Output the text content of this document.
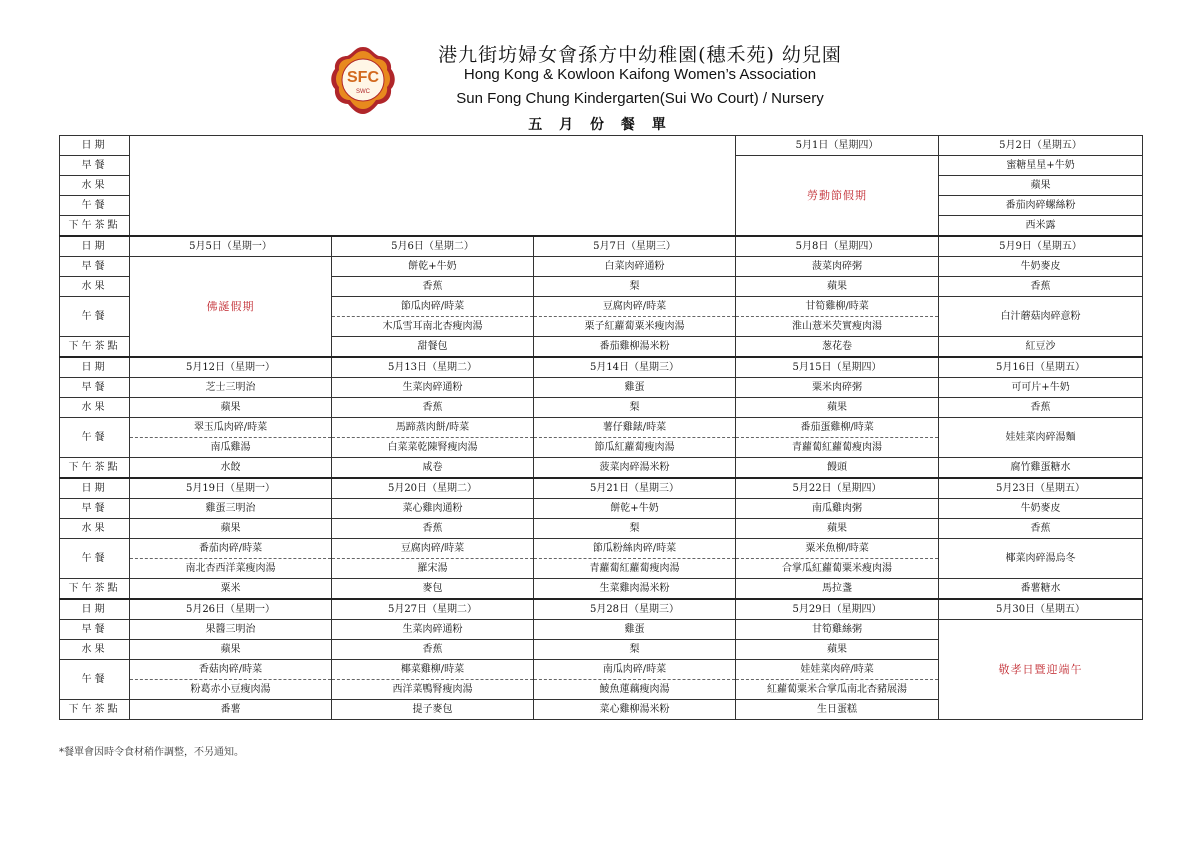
SFC
SWC
港九街坊婦女會孫方中幼稚園(穗禾苑) 幼兒園
Hong Kong & Kowloon Kaifong Women’s Association
Sun Fong Chung Kindergarten(Sui Wo Court) / Nursery
五 月 份 餐 單
日期				5月1日（星期四）	5月2日（星期五）
早餐				勞動節假期	蜜糖星星+牛奶
水果					蘋果
午餐					番茄肉碎螺絲粉

下午茶點					西米露
日期	5月5日（星期一）	5月6日（星期二）	5月7日（星期三）	5月8日（星期四）	5月9日（星期五）
早餐	佛誕假期	餅乾+牛奶	白菜肉碎通粉	菠菜肉碎粥	牛奶麥皮
水果		香蕉	梨	蘋果	香蕉
午餐		節瓜肉碎/時菜	豆腐肉碎/時菜	甘筍雞柳/時菜	白汁蘑菇肉碎意粉
		木瓜雪耳南北杏瘦肉湯	栗子紅蘿蔔粟米瘦肉湯	淮山薏米芡實瘦肉湯	
下午茶點		甜餐包	番茄雞柳湯米粉	葱花卷	紅豆沙
日期	5月12日（星期一）	5月13日（星期二）	5月14日（星期三）	5月15日（星期四）	5月16日（星期五）
早餐	芝士三明治	生菜肉碎通粉	雞蛋	粟米肉碎粥	可可片+牛奶
水果	蘋果	香蕉	梨	蘋果	香蕉
午餐	翠玉瓜肉碎/時菜	馬蹄蒸肉餅/時菜	薯仔雞錶/時菜	番茄蛋雞柳/時菜	娃娃菜肉碎湯麵
	南瓜雞湯	白菜菜乾陳腎瘦肉湯	節瓜紅蘿蔔瘦肉湯	青蘿蔔紅蘿蔔瘦肉湯	
下午茶點	水餃	咸卷	菠菜肉碎湯米粉	饅頭	腐竹雞蛋糖水
日期	5月19日（星期一）	5月20日（星期二）	5月21日（星期三）	5月22日（星期四）	5月23日（星期五）
早餐	雞蛋三明治	菜心雞肉通粉	餅乾+牛奶	南瓜雞肉粥	牛奶麥皮
水果	蘋果	香蕉	梨	蘋果	香蕉
午餐	番茄肉碎/時菜	豆腐肉碎/時菜	節瓜粉絲肉碎/時菜	粟米魚柳/時菜	椰菜肉碎湯烏冬
	南北杏西洋菜瘦肉湯	羅宋湯	青蘿蔔紅蘿蔔瘦肉湯	合掌瓜紅蘿蔔粟米瘦肉湯	
下午茶點	粟米	麥包	生菜雞肉湯米粉	馬拉盞	番薯糖水
日期	5月26日（星期一）	5月27日（星期二）	5月28日（星期三）	5月29日（星期四）	5月30日（星期五）
早餐	果醬三明治	生菜肉碎通粉	雞蛋	甘筍雞絲粥	敬孝日暨迎端午
水果	蘋果	香蕉	梨	蘋果	
午餐	香菇肉碎/時菜	椰菜雞柳/時菜	南瓜肉碎/時菜	娃娃菜肉碎/時菜	
	粉葛赤小豆瘦肉湯	西洋菜鴨腎瘦肉湯	鯪魚蓮藕瘦肉湯	紅蘿蔔粟米合掌瓜南北杏豬展湯	
下午茶點	番薯	提子麥包	菜心雞柳湯米粉	生日蛋糕	
*餐單會因時令食材稍作調整，不另通知。
